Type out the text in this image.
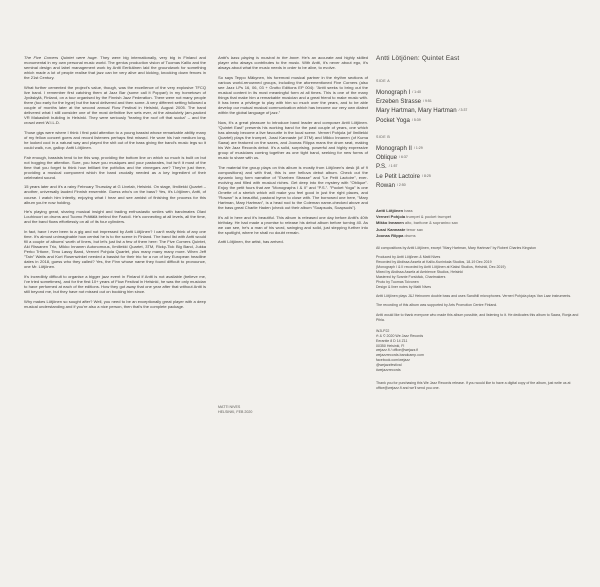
The Five Corners Quintet were huge. They were big internationally, very big in Finland and monumental in my own personal music world. The genius production vision of Tuomas Kallio and the seminal design and label management work by Antti Eerikäinen laid the groundwork for something which made a lot of people realise that jazz can be very alive and kicking, knocking down fences in the 21st Century.

What further cemented the project's value, though, was the excellence of the very explosive TFCQ live band. I remember first catching them at Jazz Bar (some call it Poppari) in my hometown of Jyväskylä, Finland, on a tour organised by the Finnish Jazz Federation. There were not many people there (too early for the hype) but the band delivered and then some. A very different setting followed a couple of months later at the second annual Flow Festival in Helsinki, August 2005. The band delivered what I still consider one of the most definitive live sets ever, at the absolutely jam-packed VR Makasiinit building in Helsinki. They were seriously "tearing the roof off that sucka" – and the crowd went W.I.L.D.

Those gigs were where I think I first paid attention to a young bassist whose remarkable ability many of my fellow concert goers and record listeners perhaps first missed. He wore his hair medium long, he looked cool in a natural way and played the shit out of the bass giving the band's music legs so it could walk, run, gallop: Antti Lötjönen.

Fair enough, bassists tend to be this way, providing the bottom line on which so much is built on but not hogging the attention. Sure, you have you musiques and your pastorales, but isn't it most of the time that you forget to think how brilliant the potfolios and the vinnegars are? They're just there, providing a musical component which the band crucially needed as a key ingredient of their celebrated sound.

15 years later and it's a rainy February Thursday at G Livelab, Helsinki. On stage, Ilmiliekki Quartet – another, universally lauded Finnish ensemble. Guess who's on the bass? Yes, it's Lötjönen, Antti, of course. I watch him intently, enjoying what I hear and see amidst of finishing the process for this album you're now holding.

He's playing great, sharing musical insight and trading enthusiastic smiles with bandmates Olavi Louhivuori on drums and Tuomo Prättälä behind the Fazioli. He's connecting at all levels, all the time, and the band flows effortlessly on all of its four cylinders.

In fact, have I ever been to a gig and not impressed by Antti Lötjönen? I can't really think of any one time. It's almost unimaginable how central he is to the scene in Finland. The band list with Antti would fill a couple of albums' worth of liners, but let's just list a few of them here: The Five Corners Quintet, Aki Rissanen Trio, Mikko Innanen Autonomous, Ilmiliekki Quartet, 3TM, Ricky-Tick Big Band, Jukka Perko Tritone, Timo Lassy Band, Verneri Pohjola Quartet, plus many many many more. When Jeff "Tain" Watts and Kurt Rosenwinkel needed a bassist for their trio for a run of key European headline dates in 2018, guess who they called? Yes, the Finn whose name they found difficult to pronounce, one Mr. Lötjönen.

It's incredibly difficult to organise a bigger jazz event in Finland if Antti is not available (believe me, I've tried sometimes), and for the first 10+ years of Flow Festival in Helsinki, he was the only musician to have performed at each of the editions. How they got away that one year after that without Antti is still beyond me, but they have not missed out on booking him since.

Why makes Lötjönen so sought after? Well, you need to be an exceptionally great player with a deep musical understanding and if you're also a nice person, then that's the complete package.

Antti's bass playing is musical to the bone. He's an accurate and highly skilled player who always contributes to the music. With Antti, it's never about ego, it's always about what the music needs in order to be alive, to evolve.

So says Teppo Mäkynen, his foremost musical partner in the rhythm sections of various world-renowned groups, including the aforementioned Five Corners (also see Jazz LPs 16, 06, 03 + Grotto Editions EP 004): "Antti seeks to bring out the musical content in its most meaningful form at all times. This is one of the many things that make him a remarkable musician and a great friend to make music with. It has been a privilege to play with him so much over the years, and to be able develop our mutual musical communication which has become our very own dialect within the global language of jazz."

Now, it's a great pleasure to introduce band leader and composer Antti Lötjönen. "Quintet East" presents his working band for the past couple of years, one which has already become a live favourite in the local scene. Verneri Pohjola (of Ilmiliekki Quartet) plays the trumpet, Jussi Kannaste (of 3TM) and Mikko Innanen (of Kuma Sawa) are featured on the saxes, and Joonas Riippa mans the drum seat, making his We Jazz Records debut. It's a solid, surprising, powerful and highly expressive group of musicians coming together as one tight band, seeking for new forms of music to share with us.

The material the group plays on this album is mostly from Lötjönen's desk (8 of 9 compositions) and with that, this is one helluva debut album. Check out the dynamic long form narrative of "Erzeben Strasse" and "Le Petit Lactoire", ever-evolving and filled with musical riches. Get deep into the mystery with "Oblique". Enjoy the petit fours that are "Monographs I & II" and "P.S.". "Pocket Yoga" is one Ornette of a stretch which will make you feel good in just the right places, and "Rowan" is a beautiful, pastoral hymn to close with. The borrowed one here, "Mary Hartman, Mary Hartman", is a head nod to the Coleman name-checked above and the bass great Charlie Haden (check out their album "Soapsuds, Soapsuds").

It's all in here and it's beautiful. This album is released one day before Antti's 40th birthday. He had made a promise to release his debut album before turning 40. As we can see, he's a man of his word, swinging and solid, just stepping further into the spotlight, where he shall no doubt remain.

Antti Lötjönen, the artist, has arrived.

MATTI NIVES
HELSINKI, FEB 2020
Antti Lötjönen: Quintet East

SIDE A

Monograph I / 1:40
Erzeben Strasse / 9:51
Mary Hartman, Mary Hartman / 3:37
Pocket Yoga / 5:39

SIDE B

Monograph II / 1:29
Oblique / 6:37
P.S. / 1:57
Le Petit Lactoire / 8:25
Rowan / 2:50
Antti Lötjönen bass
Verneri Pohjola trumpet & pocket trumpet
Mikko Innanen alto, baritone & sopranino sax
Jussi Kannaste tenor sax
Joonas Riippa drums

All compositions by Antti Lötjönen, except "Mary Hartman, Mary Hartman" by Robert Charles Kingston

Produced by Antti Lötjönen & Matti Nives

Recorded by Abdissa Assefa at Kallio-Kuninkala Studios, 18-19 Dec 2019

(Monograph I & II recorded by Antti Lötjönen at Kiaksi Studios, Helsinki, Dec 2019)

Mixed by Abdissa Assefa at Ambience Studios, Helsinki

Mastered by Svante Forsbäck, Chartmakers

Photo by Tuomas Toivonen

Design & liner notes by Matti Nives

Antti Lötjönen plays J&J Heinonen double bass and uses Sandhill microphones. Verneri Pohjola plays Van Laar instruments.

The recording of this album was supported by Arts Promotion Centre Finland.

Antti would like to thank everyone who made this album possible, and listening to it. He dedicates this album to Saara, Ronja and Pihla.

WJLP22

℗ & © 2020 We Jazz Records

Eerantie 8 D 14 Z11

00350 Helsinki, FI

wejazz.fi / office@wejazz.fi

wejazzrecords.bandcamp.com

facebook.com/wejazz

@wejazzfestival

#wejazzrecords

Thank you for purchasing this We Jazz Records release. If you would like to have a digital copy of the album, just write us at office@wejazz.fi and we'll send you one.
